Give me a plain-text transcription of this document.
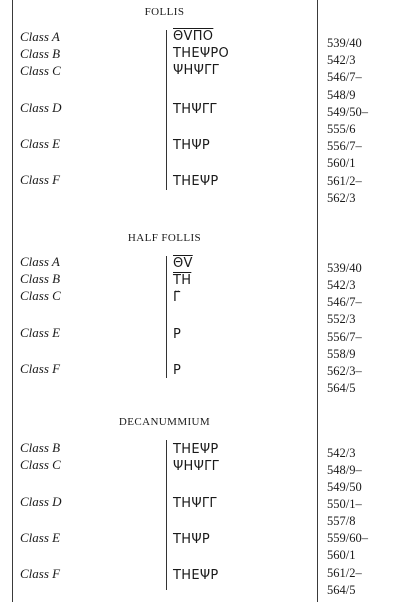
FOLLIS
Class A	ΘVΠΟ	539/40
Class B	ΤΗΕΨΡΟ	542/3
Class C	ΨΗΨΓΓ	546/7–
548/9
Class D	ΤΗΨΓΓ	549/50–
555/6
Class E	ΤΗΨΡ	556/7–
560/1
Class F	ΤΗΕΨΡ	561/2–
562/3
HALF FOLLIS
Class A	$\overline{\Theta V}$	539/40
Class B	$\overline{TH}$	542/3
Class C	Γ̈	546/7–
552/3
Class E	Ρ	556/7–
558/9
Class F	Ρ	562/3–
564/5
DECANUMMIUM
Class B	ΤΗΕΨΡ	542/3
Class C	ΨΗΨΓΓ	548/9–
549/50
Class D	ΤΗΨΓΓ	550/1–
557/8
Class E	ΤΗΨΡ	559/60–
560/1
Class F	ΤΗΕΨΡ	561/2–
564/5
